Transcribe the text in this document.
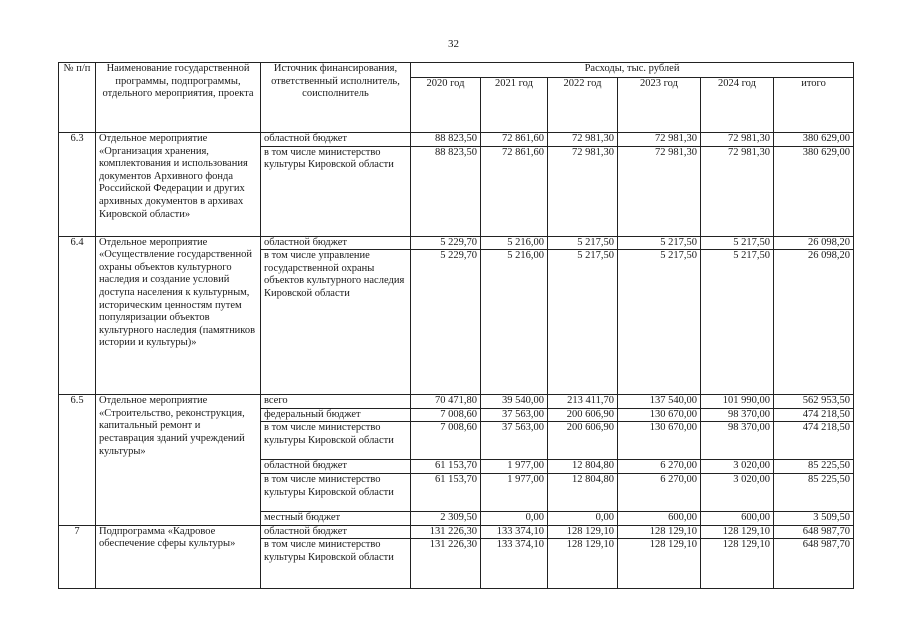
32
№ п/п	Наименование государственной программы, подпрограммы, отдельного мероприятия, проекта	Источник финансирования, ответственный исполнитель, соисполнитель	Расходы, тыс. рублей					
			2020 год	2021 год	2022 год	2023 год	2024 год	итого
6.3	Отдельное мероприятие «Организация хранения, комплектования и использования документов Архивного фонда Российской Федерации и других архивных документов в архивах Кировской области»	областной бюджет	88 823,50	72 861,60	72 981,30	72 981,30	72 981,30	380 629,00
		в том числе министерство культуры Кировской области	88 823,50	72 861,60	72 981,30	72 981,30	72 981,30	380 629,00
6.4	Отдельное мероприятие «Осуществление государственной охраны объектов культурного наследия и создание условий доступа населения к культурным, историческим ценностям путем популяризации объектов культурного наследия (памятников истории и культуры)»	областной бюджет	5 229,70	5 216,00	5 217,50	5 217,50	5 217,50	26 098,20
		в том числе управление государственной охраны объектов культурного наследия Кировской области	5 229,70	5 216,00	5 217,50	5 217,50	5 217,50	26 098,20
6.5	Отдельное мероприятие «Строительство, реконструкция, капитальный ремонт и реставрация зданий учреждений культуры»	всего	70 471,80	39 540,00	213 411,70	137 540,00	101 990,00	562 953,50
		федеральный бюджет	7 008,60	37 563,00	200 606,90	130 670,00	98 370,00	474 218,50
		в том числе министерство культуры Кировской области	7 008,60	37 563,00	200 606,90	130 670,00	98 370,00	474 218,50
		областной бюджет	61 153,70	1 977,00	12 804,80	6 270,00	3 020,00	85 225,50
		в том числе министерство культуры Кировской области	61 153,70	1 977,00	12 804,80	6 270,00	3 020,00	85 225,50
		местный бюджет	2 309,50	0,00	0,00	600,00	600,00	3 509,50
7	Подпрограмма «Кадровое обеспечение сферы культуры»	областной бюджет	131 226,30	133 374,10	128 129,10	128 129,10	128 129,10	648 987,70
		в том числе министерство культуры Кировской области	131 226,30	133 374,10	128 129,10	128 129,10	128 129,10	648 987,70
